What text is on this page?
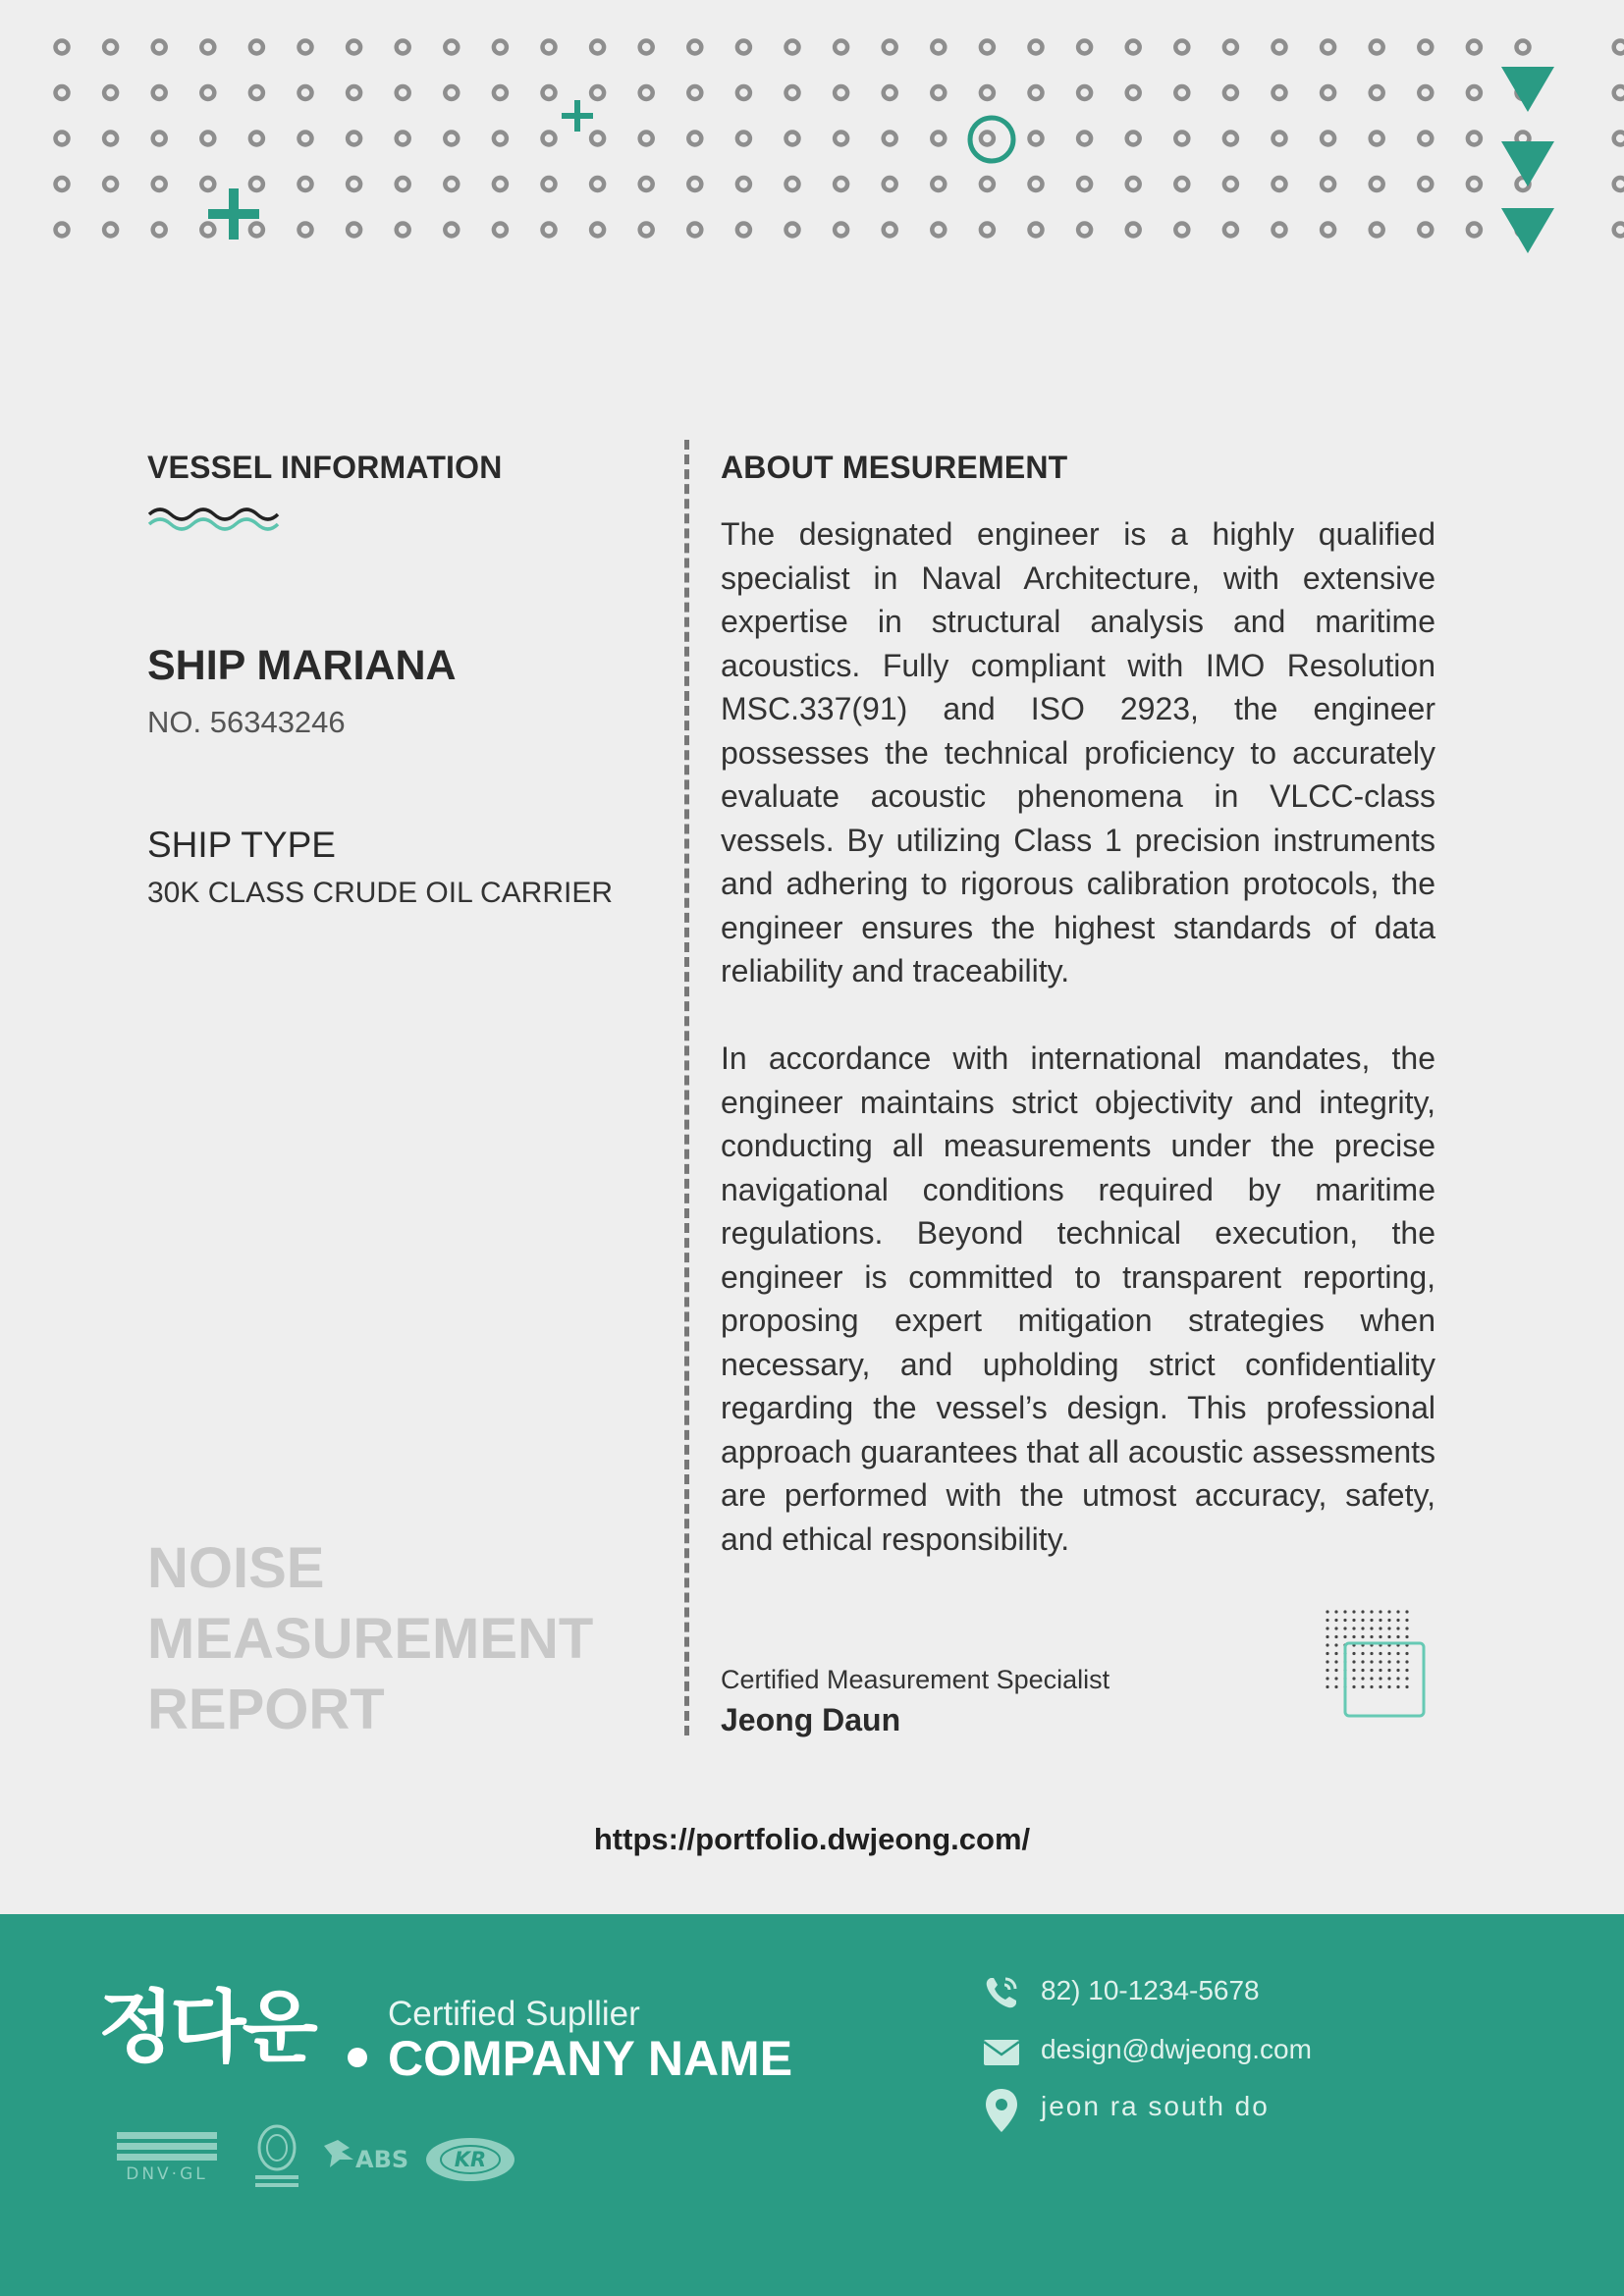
VESSEL INFORMATION
SHIP MARIANA
NO. 56343246
SHIP TYPE
30K CLASS CRUDE OIL CARRIER
NOISE
MEASUREMENT
REPORT
ABOUT MESUREMENT

The designated engineer is a highly qualified specialist in Naval Architecture, with extensive expertise in structural analysis and maritime acoustics. Fully compliant with IMO Resolution MSC.337(91) and ISO 2923, the engineer possesses the technical proficiency to accurately evaluate acoustic phenomena in VLCC-class vessels. By utilizing Class 1 precision instruments and adhering to rigorous calibration protocols, the engineer ensures the highest standards of data reliability and traceability.

In accordance with international mandates, the engineer maintains strict objectivity and integrity, conducting all measurements under the precise navigational conditions required by maritime regulations. Beyond technical execution, the engineer is committed to transparent reporting, proposing expert mitigation strategies when necessary, and upholding strict confidentiality regarding the vessel’s design. This professional approach guarantees that all acoustic assessments are performed with the utmost accuracy, safety, and ethical responsibility.

Certified Measurement Specialist
Jeong Daun
https://portfolio.dwjeong.com/
정다운 Certified Supllier
COMPANY NAME
DNV·GL
ABS KR
82) 10-1234-5678
design@dwjeong.com
jeon ra south do
